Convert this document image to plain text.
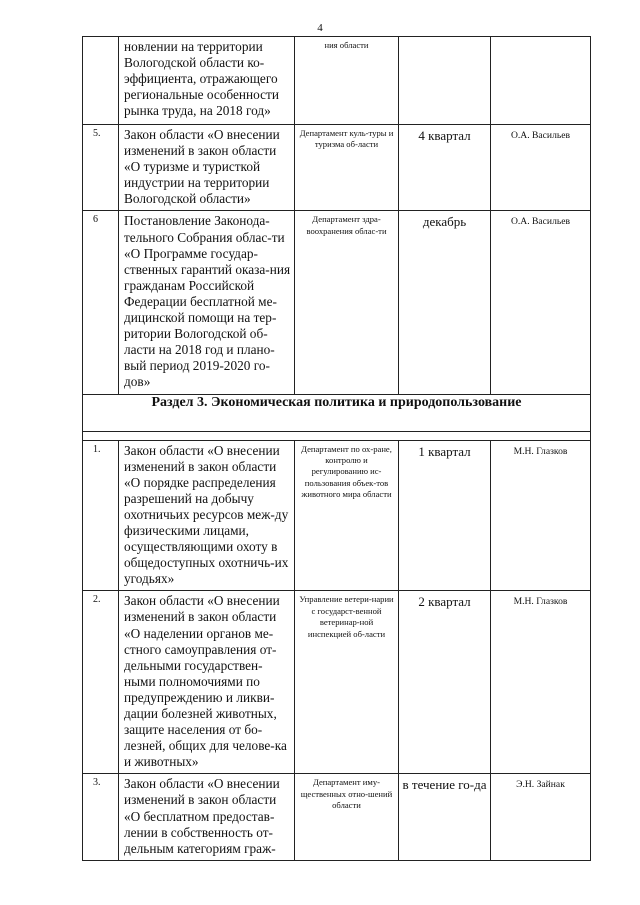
4

	новлении на территории Вологодской области ко-эффициента, отражающего региональные особенности рынка труда, на 2018 год»	ния области		

5.	Закон области «О внесении изменений в закон области «О туризме и туристкой индустрии на территории Вологодской области»	Департамент куль-туры и туризма об-ласти	4 квартал	О.А. Васильев

6	Постановление Законода-тельного Собрания облас-ти «О Программе государ-ственных гарантий оказа-ния гражданам Российской Федерации бесплатной ме-дицинской помощи на тер-ритории Вологодской об-ласти на 2018 год и плано-вый период 2019-2020 го-дов»	Департамент здра-воохранения облас-ти	декабрь	О.А. Васильев

Раздел 3. Экономическая политика и природопользование				

1.	Закон области «О внесении изменений в закон области «О порядке распределения разрешений на добычу охотничьих ресурсов меж-ду физическими лицами, осуществляющими охоту в общедоступных охотничь-их угодьях»	Департамент по ох-ране, контролю и регулированию ис-пользования объек-тов животного мира области	1 квартал	М.Н. Глазков

2.	Закон области «О внесении изменений в закон области «О наделении органов ме-стного самоуправления от-дельными государствен-ными полномочиями по предупреждению и ликви-дации болезней животных, защите населения от бо-лезней, общих для челове-ка и животных»	Управление ветери-нарии с государст-венной ветеринар-ной инспекцией об-ласти	2 квартал	М.Н. Глазков

3.	Закон области «О внесении изменений в закон области «О бесплатном предостав-лении в собственность от-дельным категориям граж-	Департамент иму-щественных отно-шений области	в течение го-да	Э.Н. Зайнак
